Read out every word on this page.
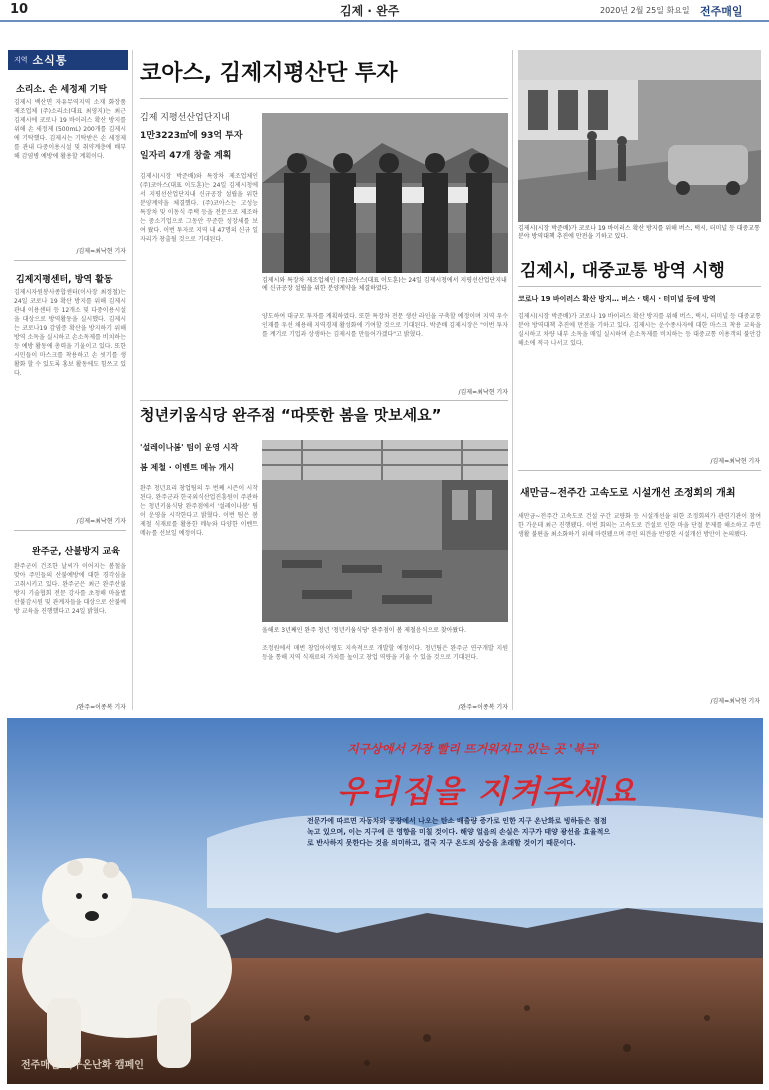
10	김제 · 완주	2020년 2월 25일 화요일 전주매일
지역 소식통
소리소. 손 세정제 기탁
김제시 백산면 자유무역지역 소재 화장품 제조업체 (주)소리소(대표 최영지)는 최근 김제시에 코로나 19 바이러스 확산 방지를 위해 손 세정제 (500mL) 200개를 김제시에 기탁했다. 김제시는 기탁받은 손 세정제를 관내 다중이용시설 및 취약계층에 배부해 감염병 예방에 활용할 계획이다.
/김제=최낙현 기자
김제지평센터, 방역 활동
김제시자원봉사종합센터(이사장 최정철)는 24일 코로나 19 확산 방지를 위해 김제시 관내 이용센터 등 12개소 및 다중이용시설을 대상으로 방역활동을 실시했다. 김제시는 코로나19 감염증 확산을 방지하기 위해 방역 소독을 실시하고 손소독제를 비치하는 등 예방 활동에 총력을 기울이고 있다. 또한 시민들이 마스크를 착용하고 손 씻기를 생활화 할 수 있도록 홍보 활동에도 힘쓰고 있다.
/김제=최낙현 기자
완주군, 산불방지 교육
완주군이 건조한 날씨가 이어지는 봄철을 맞아 주민들의 산불예방에 대한 경각심을 고취시키고 있다. 완주군은 최근 완주산불방지 기술협회 전문 강사를 초청해 마을별 산불감시원 및 관계자들을 대상으로 산불예방 교육을 진행했다고 24일 밝혔다.
/완주=이종복 기자
코아스, 김제지평산단 투자
김제 지평선산업단지내
1만3223㎡에 93억 투자
일자리 47개 창출 계획
김제시(시장 박준배)와 특장차 제조업체인 (주)코아스(대표 이도훈)는 24일 김제시청에서 지평선산업단지내 신규공장 설립을 위한 분양계약을 체결했다. (주)코아스는 고성능 특장차 및 이동식 주택 등을 전문으로 제조하는 중소기업으로 그동안 꾸준한 성장세를 보여 왔다. 이번 투자로 지역 내 47명의 신규 일자리가 창출될 것으로 기대된다.
김제시와 특장차 제조업체인 (주)코아스(대표 이도훈)는 24일 김제시청에서 지평선산업단지내에 신규공장 설립을 위한 분양계약을 체결하였다.
양도하여 대규모 투자를 계획하였다. 또한 특장차 전문 생산 라인을 구축할 예정이며 지역 우수 인재를 우선 채용해 지역경제 활성화에 기여할 것으로 기대된다. 박준배 김제시장은 "이번 투자를 계기로 기업과 상생하는 김제시를 만들어가겠다"고 밝혔다.
/김제=최낙현 기자
청년키움식당 완주점 “따뜻한 봄을 맛보세요”
'설레이나봄' 팀이 운영 시작
봄 제철 · 이벤트 메뉴 개시
완주 청년요리 창업팀의 두 번째 시즌이 시작된다. 완주군과 한국외식산업진흥원이 주관하는 청년키움식당 완주점에서 '설레이나봄' 팀이 운영을 시작한다고 밝혔다. 이번 팀은 봄 제철 식재료를 활용한 메뉴와 다양한 이벤트 메뉴를 선보일 예정이다.
올해로 3년째인 완주 청년 '청년키움식당' 완주점이 봄 제철음식으로 찾아왔다.
조정원에서 매번 창업아이템도 지속적으로 개발할 예정이다. 청년팀은 완주군 연구개발 지원 등을 통해 지역 식재료의 가치를 높이고 창업 역량을 키울 수 있을 것으로 기대된다.
/완주=이종복 기자
김제시(시장 박준배)가 코로나 19 바이러스 확산 방지를 위해 버스, 택시, 터미널 등 대중교통 분야 방역대책 추진에 만전을 기하고 있다.
김제시, 대중교통 방역 시행
코로나 19 바이러스 확산 방지… 버스 · 택시 · 터미널 등에 방역
김제시(시장 박준배)가 코로나 19 바이러스 확산 방지를 위해 버스, 택시, 터미널 등 대중교통 분야 방역대책 추진에 만전을 기하고 있다. 김제시는 운수종사자에 대한 마스크 착용 교육을 실시하고 차량 내부 소독을 매일 실시하며 손소독제를 비치하는 등 대중교통 이용객의 불안감 해소에 적극 나서고 있다.
/김제=최낙현 기자
새만금~전주간 고속도로 시설개선 조정회의 개최
새만금~전주간 고속도로 건설 구간 교량화 등 시설개선을 위한 조정회의가 관련기관이 참여한 가운데 최근 진행됐다. 이번 회의는 고속도로 건설로 인한 마을 단절 문제를 해소하고 주민 생활 불편을 최소화하기 위해 마련됐으며 주민 의견을 반영한 시설개선 방안이 논의됐다.
/김제=최낙현 기자
지구상에서 가장 빨리 뜨거워지고 있는 곳 '북극'
우리집을 지켜주세요
전문가에 따르면 자동차와 공장에서 나오는 탄소 배출량 증가로 인한 지구 온난화로 빙하들은 점점
녹고 있으며, 이는 지구에 큰 영향을 미칠 것이다. 해양 얼음의 손실은 지구가 태양 광선을 효율적으
로 반사하지 못한다는 것을 의미하고, 결국 지구 온도의 상승을 초래할 것이기 때문이다.
전주매일 지구온난화 캠페인
